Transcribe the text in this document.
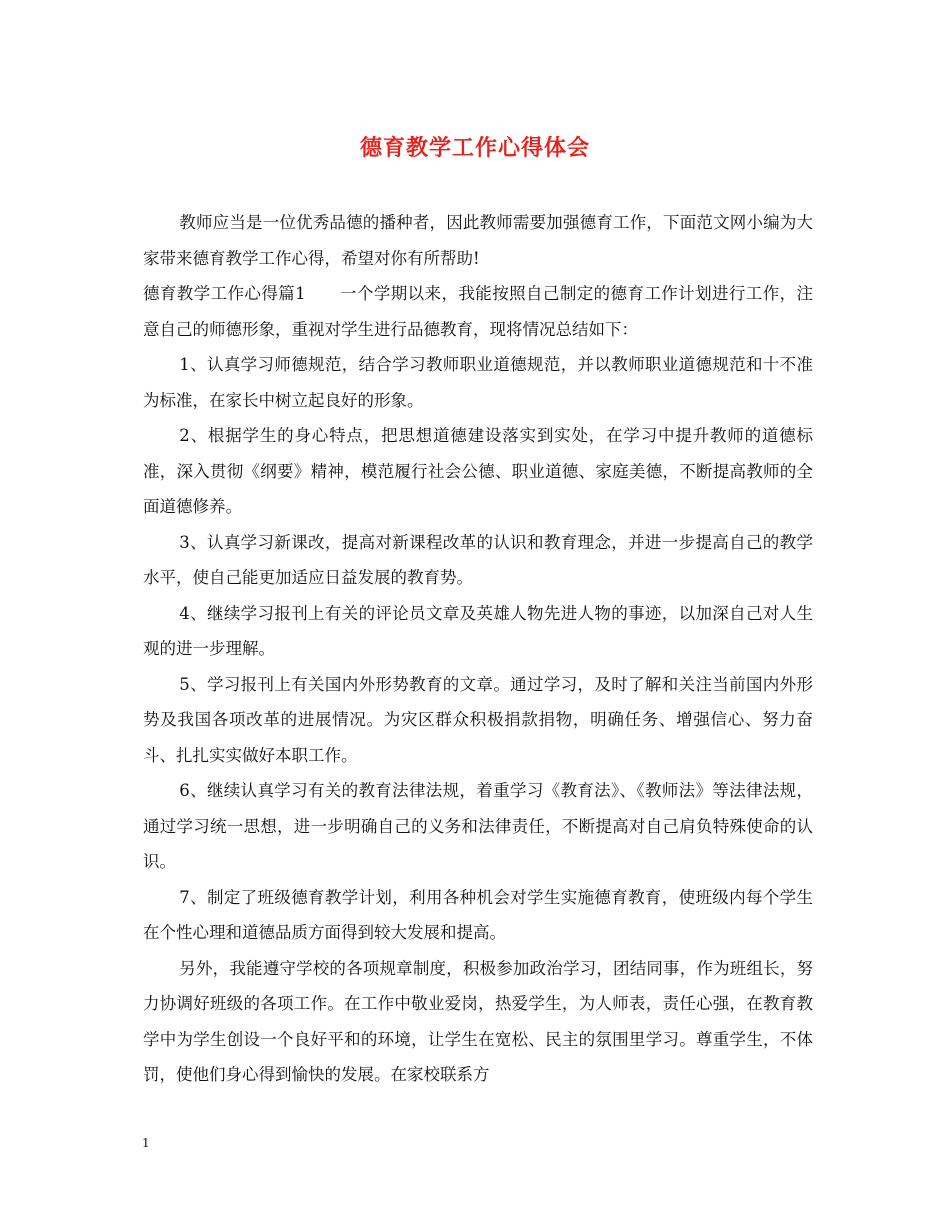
德育教学工作心得体会

教师应当是一位优秀品德的播种者，因此教师需要加强德育工作，下面范文网小编为大家带来德育教学工作心得，希望对你有所帮助!

德育教学工作心得篇1 一个学期以来，我能按照自己制定的德育工作计划进行工作，注意自己的师德形象，重视对学生进行品德教育，现将情况总结如下：

1、认真学习师德规范，结合学习教师职业道德规范，并以教师职业道德规范和十不准为标准，在家长中树立起良好的形象。

2、根据学生的身心特点，把思想道德建设落实到实处，在学习中提升教师的道德标准，深入贯彻《纲要》精神，模范履行社会公德、职业道德、家庭美德，不断提高教师的全面道德修养。

3、认真学习新课改，提高对新课程改革的认识和教育理念，并进一步提高自己的教学水平，使自己能更加适应日益发展的教育势。

4、继续学习报刊上有关的评论员文章及英雄人物先进人物的事迹，以加深自己对人生观的进一步理解。

5、学习报刊上有关国内外形势教育的文章。通过学习，及时了解和关注当前国内外形势及我国各项改革的进展情况。为灾区群众积极捐款捐物，明确任务、增强信心、努力奋斗、扎扎实实做好本职工作。

6、继续认真学习有关的教育法律法规，着重学习《教育法》、《教师法》等法律法规，通过学习统一思想，进一步明确自己的义务和法律责任，不断提高对自己肩负特殊使命的认识。

7、制定了班级德育教学计划，利用各种机会对学生实施德育教育，使班级内每个学生在个性心理和道德品质方面得到较大发展和提高。

另外，我能遵守学校的各项规章制度，积极参加政治学习，团结同事，作为班组长，努力协调好班级的各项工作。在工作中敬业爱岗，热爱学生，为人师表，责任心强，在教育教学中为学生创设一个良好平和的环境，让学生在宽松、民主的氛围里学习。尊重学生，不体罚，使他们身心得到愉快的发展。在家校联系方

1
